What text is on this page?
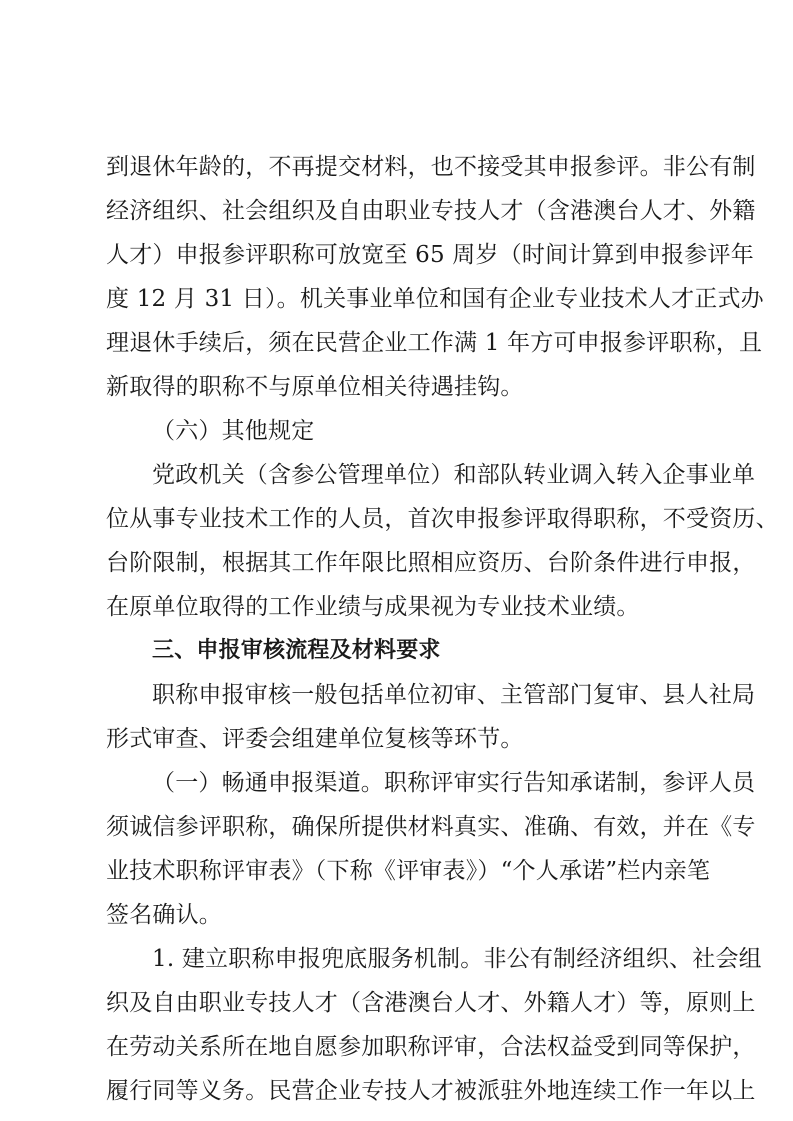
到退休年龄的，不再提交材料，也不接受其申报参评。非公有制
经济组织、社会组织及自由职业专技人才（含港澳台人才、外籍
人才）申报参评职称可放宽至 65 周岁（时间计算到申报参评年
度 12 月 31 日）。机关事业单位和国有企业专业技术人才正式办
理退休手续后，须在民营企业工作满 1 年方可申报参评职称，且
新取得的职称不与原单位相关待遇挂钩。
（六）其他规定
党政机关（含参公管理单位）和部队转业调入转入企事业单
位从事专业技术工作的人员，首次申报参评取得职称，不受资历、
台阶限制，根据其工作年限比照相应资历、台阶条件进行申报，
在原单位取得的工作业绩与成果视为专业技术业绩。
三、申报审核流程及材料要求
职称申报审核一般包括单位初审、主管部门复审、县人社局
形式审查、评委会组建单位复核等环节。
（一）畅通申报渠道。职称评审实行告知承诺制，参评人员
须诚信参评职称，确保所提供材料真实、准确、有效，并在《专
业技术职称评审表》（下称《评审表》）“个人承诺”栏内亲笔
签名确认。
1. 建立职称申报兜底服务机制。非公有制经济组织、社会组
织及自由职业专技人才（含港澳台人才、外籍人才）等，原则上
在劳动关系所在地自愿参加职称评审，合法权益受到同等保护，
履行同等义务。民营企业专技人才被派驻外地连续工作一年以上
